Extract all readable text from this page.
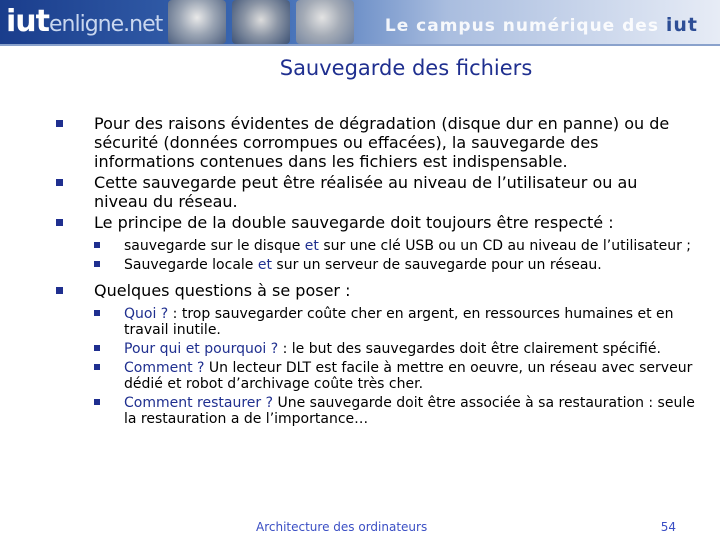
iutenligne.net	Le campus numérique des iut
Sauvegarde des fichiers
Pour des raisons évidentes de dégradation (disque dur en panne) ou de sécurité (données corrompues ou effacées), la sauvegarde des informations contenues dans les fichiers est indispensable.
Cette sauvegarde peut être réalisée au niveau de l’utilisateur ou au niveau du réseau.
Le principe de la double sauvegarde doit toujours être respecté :
sauvegarde sur le disque et sur une clé USB ou un CD au niveau de l’utilisateur ;
Sauvegarde locale et sur un serveur de sauvegarde pour un réseau.
Quelques questions à se poser :
Quoi ? : trop sauvegarder coûte cher en argent, en ressources humaines et en travail inutile.
Pour qui et pourquoi ? : le but des sauvegardes doit être clairement spécifié.
Comment ? Un lecteur DLT est facile à mettre en oeuvre, un réseau avec serveur dédié et robot d’archivage coûte très cher.
Comment restaurer ? Une sauvegarde doit être associée à sa restauration : seule la restauration a de l’importance…
Architecture des ordinateurs	54
